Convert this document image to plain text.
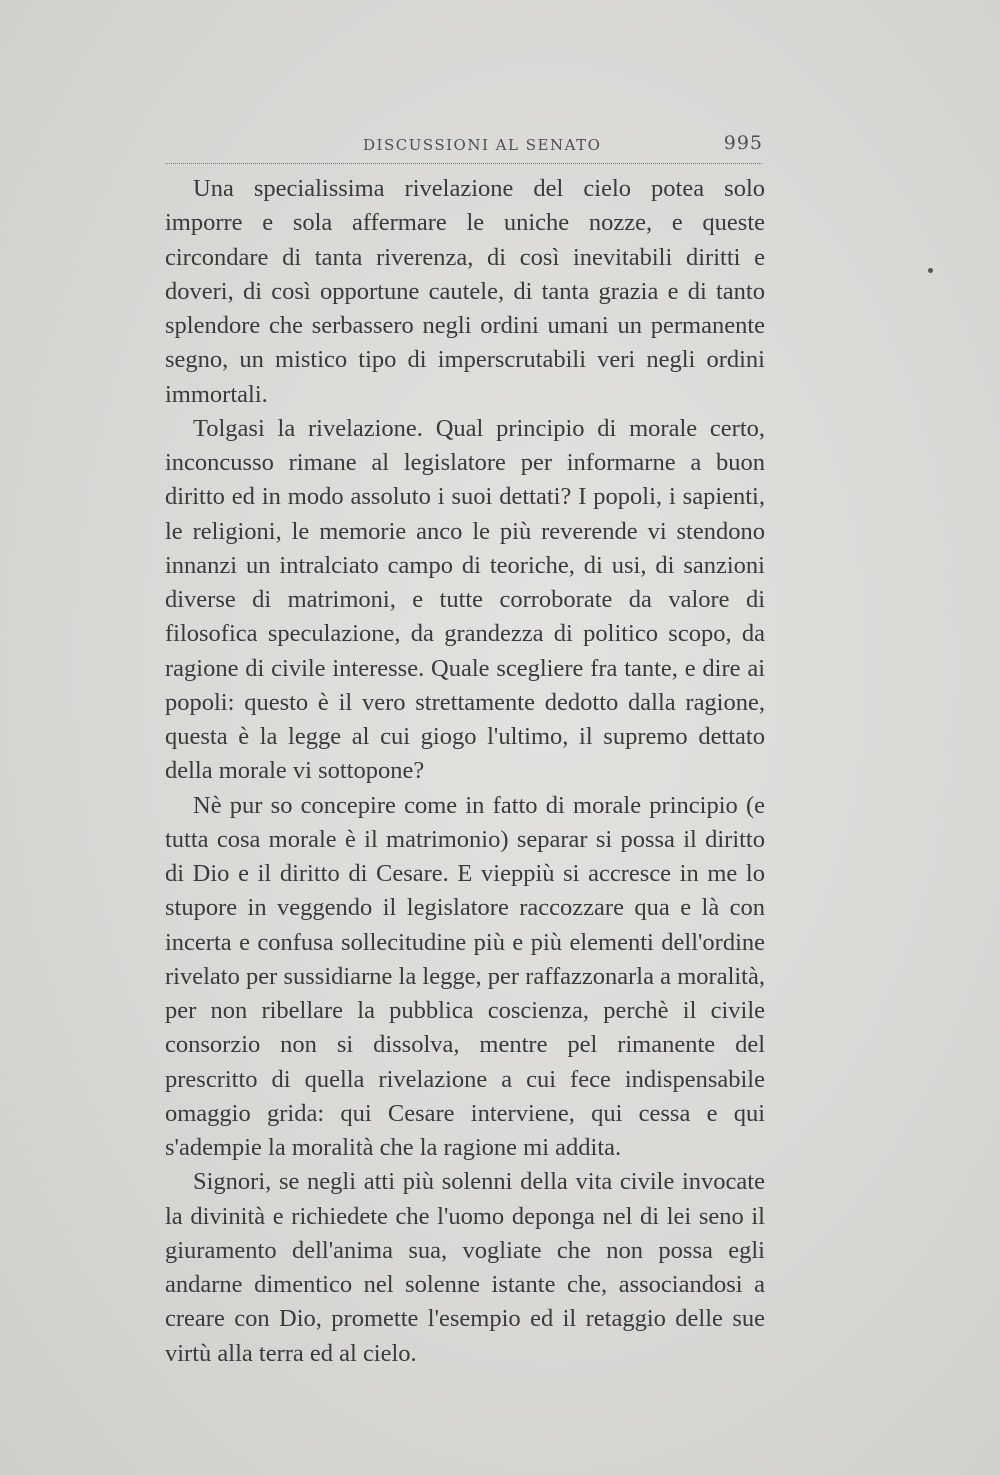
DISCUSSIONI AL SENATO	995

Una specialissima rivelazione del cielo potea solo imporre e sola affermare le uniche nozze, e queste circondare di tanta riverenza, di così inevitabili diritti e doveri, di così opportune cautele, di tanta grazia e di tanto splendore che serbassero negli ordini umani un permanente segno, un mistico tipo di imperscrutabili veri negli ordini immortali.

Tolgasi la rivelazione. Qual principio di morale certo, inconcusso rimane al legislatore per informarne a buon diritto ed in modo assoluto i suoi dettati? I popoli, i sapienti, le religioni, le memorie anco le più reverende vi stendono innanzi un intralciato campo di teoriche, di usi, di sanzioni diverse di matrimoni, e tutte corroborate da valore di filosofica speculazione, da grandezza di politico scopo, da ragione di civile interesse. Quale scegliere fra tante, e dire ai popoli: questo è il vero strettamente dedotto dalla ragione, questa è la legge al cui giogo l'ultimo, il supremo dettato della morale vi sottopone?

Nè pur so concepire come in fatto di morale principio (e tutta cosa morale è il matrimonio) separar si possa il diritto di Dio e il diritto di Cesare. E vieppiù si accresce in me lo stupore in veggendo il legislatore raccozzare qua e là con incerta e confusa sollecitudine più e più elementi dell'ordine rivelato per sussidiarne la legge, per raffazzonarla a moralità, per non ribellare la pubblica coscienza, perchè il civile consorzio non si dissolva, mentre pel rimanente del prescritto di quella rivelazione a cui fece indispensabile omaggio grida: qui Cesare interviene, qui cessa e qui s'adempie la moralità che la ragione mi addita.

Signori, se negli atti più solenni della vita civile invocate la divinità e richiedete che l'uomo deponga nel di lei seno il giuramento dell'anima sua, vogliate che non possa egli andarne dimentico nel solenne istante che, associandosi a creare con Dio, promette l'esempio ed il retaggio delle sue virtù alla terra ed al cielo.
